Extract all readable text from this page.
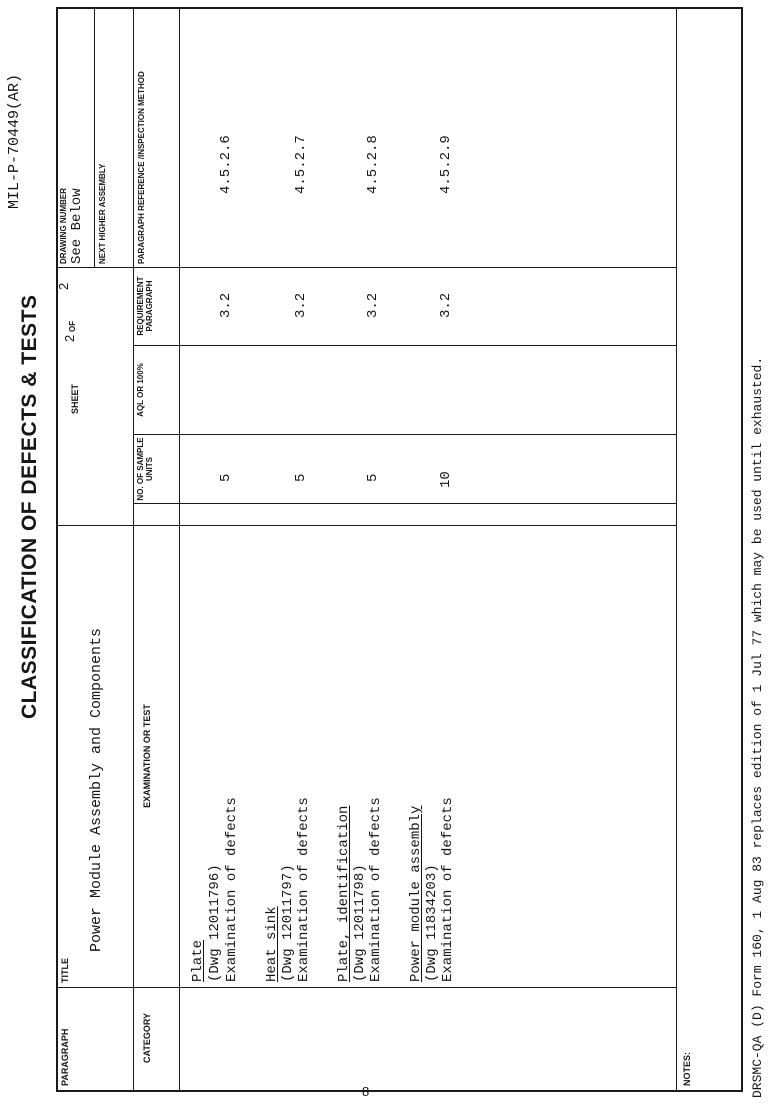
MIL-P-70449(AR)
CLASSIFICATION OF DEFECTS & TESTS
PARAGRAPH
TITLE
Power Module Assembly and Components
SHEET
2
OF
2
DRAWING NUMBER See Below NEXT HIGHER ASSEMBLY
CATEGORY
EXAMINATION OR TEST
NO. OF SAMPLE UNITS
AQL OR 100%
REQUIREMENT PARAGRAPH
PARAGRAPH REFERENCE /INSPECTION METHOD
Plate (Dwg 12011796) Examination of defects
5
3.2
4.5.2.6
Heat sink (Dwg 12011797) Examination of defects
5
3.2
4.5.2.7
Plate, identification (Dwg 12011798) Examination of defects
5
3.2
4.5.2.8
Power module assembly (Dwg 11834203) Examination of defects
10
3.2
4.5.2.9
NOTES:	DRSMC-QA (D) Form 160, 1 Aug 83 replaces edition of 1 Jul 77 which may be used until exhausted.
8
